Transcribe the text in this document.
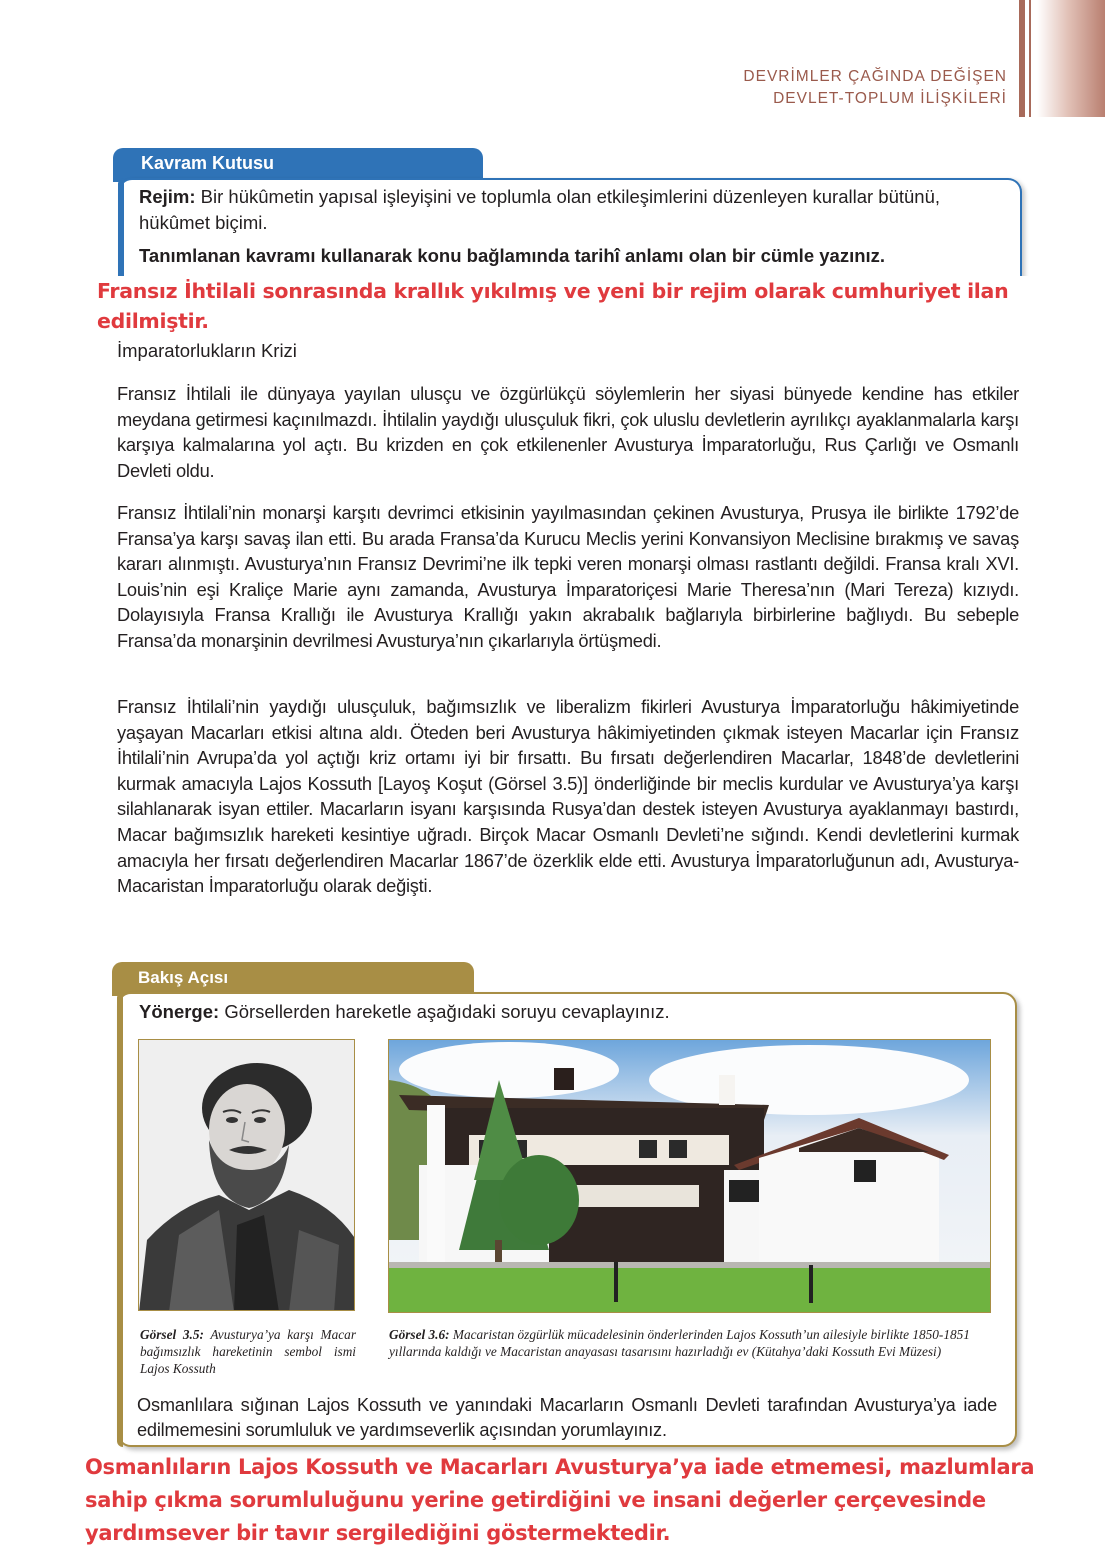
DEVRİMLER ÇAĞINDA DEĞİŞEN
DEVLET-TOPLUM İLİŞKİLERİ
Kavram Kutusu
Rejim: Bir hükûmetin yapısal işleyişini ve toplumla olan etkileşimlerini düzenleyen kurallar bütünü, hükûmet biçimi.
Tanımlanan kavramı kullanarak konu bağlamında tarihî anlamı olan bir cümle yazınız.
Fransız İhtilali sonrasında krallık yıkılmış ve yeni bir rejim olarak cumhuriyet ilan edilmiştir.
İmparatorlukların Krizi

Fransız İhtilali ile dünyaya yayılan ulusçu ve özgürlükçü söylemlerin her siyasi bünyede kendine has etkiler meydana getirmesi kaçınılmazdı. İhtilalin yaydığı ulusçuluk fikri, çok uluslu devletlerin ayrılıkçı ayaklanmalarla karşı karşıya kalmalarına yol açtı. Bu krizden en çok etkilenenler Avusturya İmparatorluğu, Rus Çarlığı ve Osmanlı Devleti oldu.

Fransız İhtilali’nin monarşi karşıtı devrimci etkisinin yayılmasından çekinen Avusturya, Prusya ile birlikte 1792’de Fransa’ya karşı savaş ilan etti. Bu arada Fransa’da Kurucu Meclis yerini Konvansiyon Meclisine bırakmış ve savaş kararı alınmıştı. Avusturya’nın Fransız Devrimi’ne ilk tepki veren monarşi olması rastlantı değildi. Fransa kralı XVI. Louis’nin eşi Kraliçe Marie aynı zamanda, Avusturya İmparatoriçesi Marie Theresa’nın (Mari Tereza) kızıydı. Dolayısıyla Fransa Krallığı ile Avusturya Krallığı yakın akrabalık bağlarıyla birbirlerine bağlıydı. Bu sebeple Fransa’da monarşinin devrilmesi Avusturya’nın çıkarlarıyla örtüşmedi.

Fransız İhtilali’nin yaydığı ulusçuluk, bağımsızlık ve liberalizm fikirleri Avusturya İmparatorluğu hâkimiyetinde yaşayan Macarları etkisi altına aldı. Öteden beri Avusturya hâkimiyetinden çıkmak isteyen Macarlar için Fransız İhtilali’nin Avrupa’da yol açtığı kriz ortamı iyi bir fırsattı. Bu fırsatı değerlendiren Macarlar, 1848’de devletlerini kurmak amacıyla Lajos Kossuth [Layoş Koşut (Görsel 3.5)] önderliğinde bir meclis kurdular ve Avusturya’ya karşı silahlanarak isyan ettiler. Macarların isyanı karşısında Rusya’dan destek isteyen Avusturya ayaklanmayı bastırdı, Macar bağımsızlık hareketi kesintiye uğradı. Birçok Macar Osmanlı Devleti’ne sığındı. Kendi devletlerini kurmak amacıyla her fırsatı değerlendiren Macarlar 1867’de özerklik elde etti. Avusturya İmparatorluğunun adı, Avusturya-Macaristan İmparatorluğu olarak değişti.

Bakış Açısı
Yönerge: Görsellerden hareketle aşağıdaki soruyu cevaplayınız.
Görsel 3.5: Avusturya’ya karşı Macar bağımsızlık hareketinin sembol ismi Lajos Kossuth
Görsel 3.6: Macaristan özgürlük mücadelesinin önderlerinden Lajos Kossuth’un ailesiyle birlikte 1850-1851 yıllarında kaldığı ve Macaristan anayasası tasarısını hazırladığı ev (Kütahya’daki Kossuth Evi Müzesi)
Osmanlılara sığınan Lajos Kossuth ve yanındaki Macarların Osmanlı Devleti tarafından Avusturya’ya iade edilmemesini sorumluluk ve yardımseverlik açısından yorumlayınız.
Osmanlıların Lajos Kossuth ve Macarları Avusturya’ya iade etmemesi, mazlumlara sahip çıkma sorumluluğunu yerine getirdiğini ve insani değerler çerçevesinde yardımsever bir tavır sergilediğini göstermektedir.
